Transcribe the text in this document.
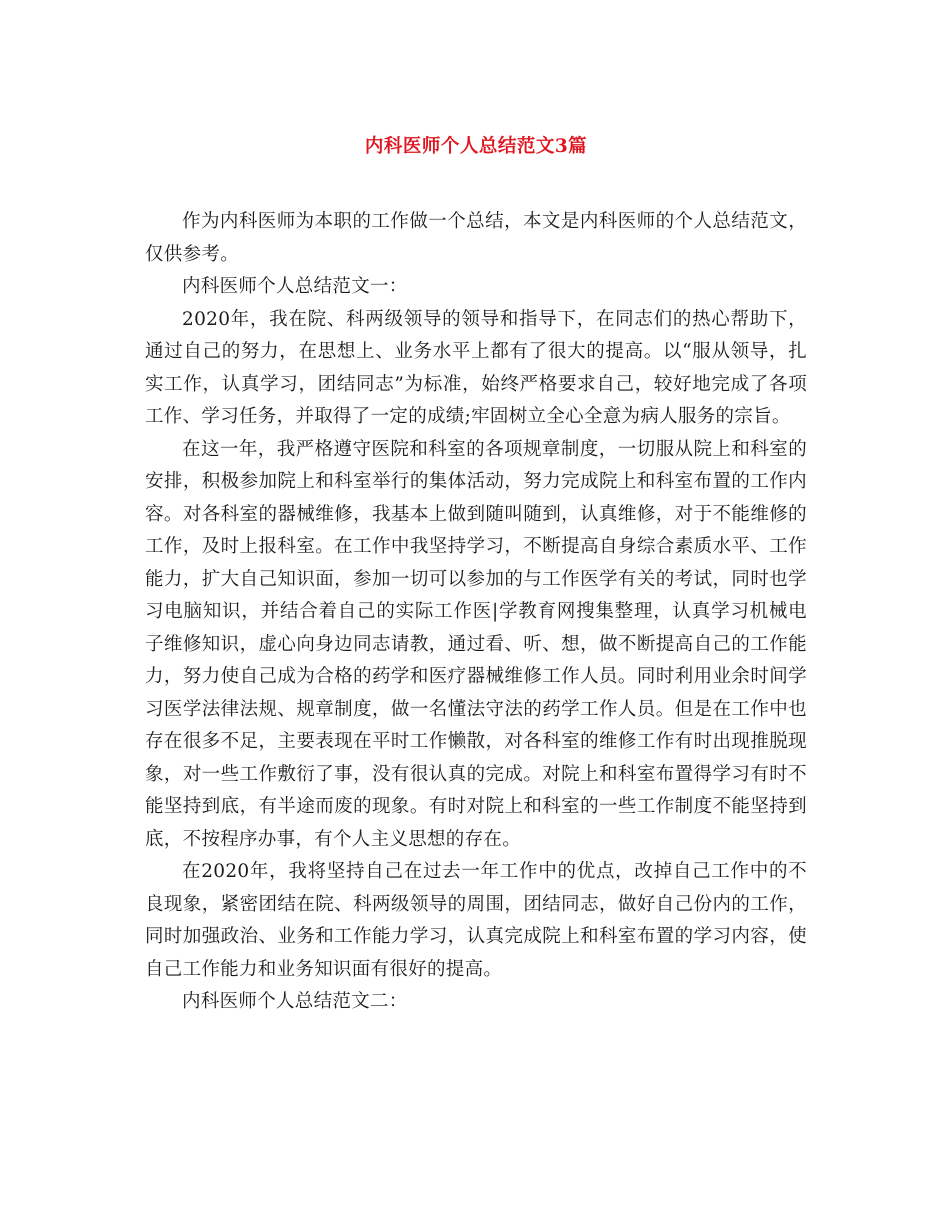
内科医师个人总结范文3篇

作为内科医师为本职的工作做一个总结，本文是内科医师的个人总结范文，仅供参考。

内科医师个人总结范文一：

2020年，我在院、科两级领导的领导和指导下，在同志们的热心帮助下，通过自己的努力，在思想上、业务水平上都有了很大的提高。以“服从领导，扎实工作，认真学习，团结同志”为标准，始终严格要求自己，较好地完成了各项工作、学习任务，并取得了一定的成绩;牢固树立全心全意为病人服务的宗旨。

在这一年，我严格遵守医院和科室的各项规章制度，一切服从院上和科室的安排，积极参加院上和科室举行的集体活动，努力完成院上和科室布置的工作内容。对各科室的器械维修，我基本上做到随叫随到，认真维修，对于不能维修的工作，及时上报科室。在工作中我坚持学习，不断提高自身综合素质水平、工作能力，扩大自己知识面，参加一切可以参加的与工作医学有关的考试，同时也学习电脑知识，并结合着自己的实际工作医|学教育网搜集整理，认真学习机械电子维修知识，虚心向身边同志请教，通过看、听、想，做不断提高自己的工作能力，努力使自己成为合格的药学和医疗器械维修工作人员。同时利用业余时间学习医学法律法规、规章制度，做一名懂法守法的药学工作人员。但是在工作中也存在很多不足，主要表现在平时工作懒散，对各科室的维修工作有时出现推脱现象，对一些工作敷衍了事，没有很认真的完成。对院上和科室布置得学习有时不能坚持到底，有半途而废的现象。有时对院上和科室的一些工作制度不能坚持到底，不按程序办事，有个人主义思想的存在。

在2020年，我将坚持自己在过去一年工作中的优点，改掉自己工作中的不良现象，紧密团结在院、科两级领导的周围，团结同志，做好自己份内的工作，同时加强政治、业务和工作能力学习，认真完成院上和科室布置的学习内容，使自己工作能力和业务知识面有很好的提高。

内科医师个人总结范文二：
